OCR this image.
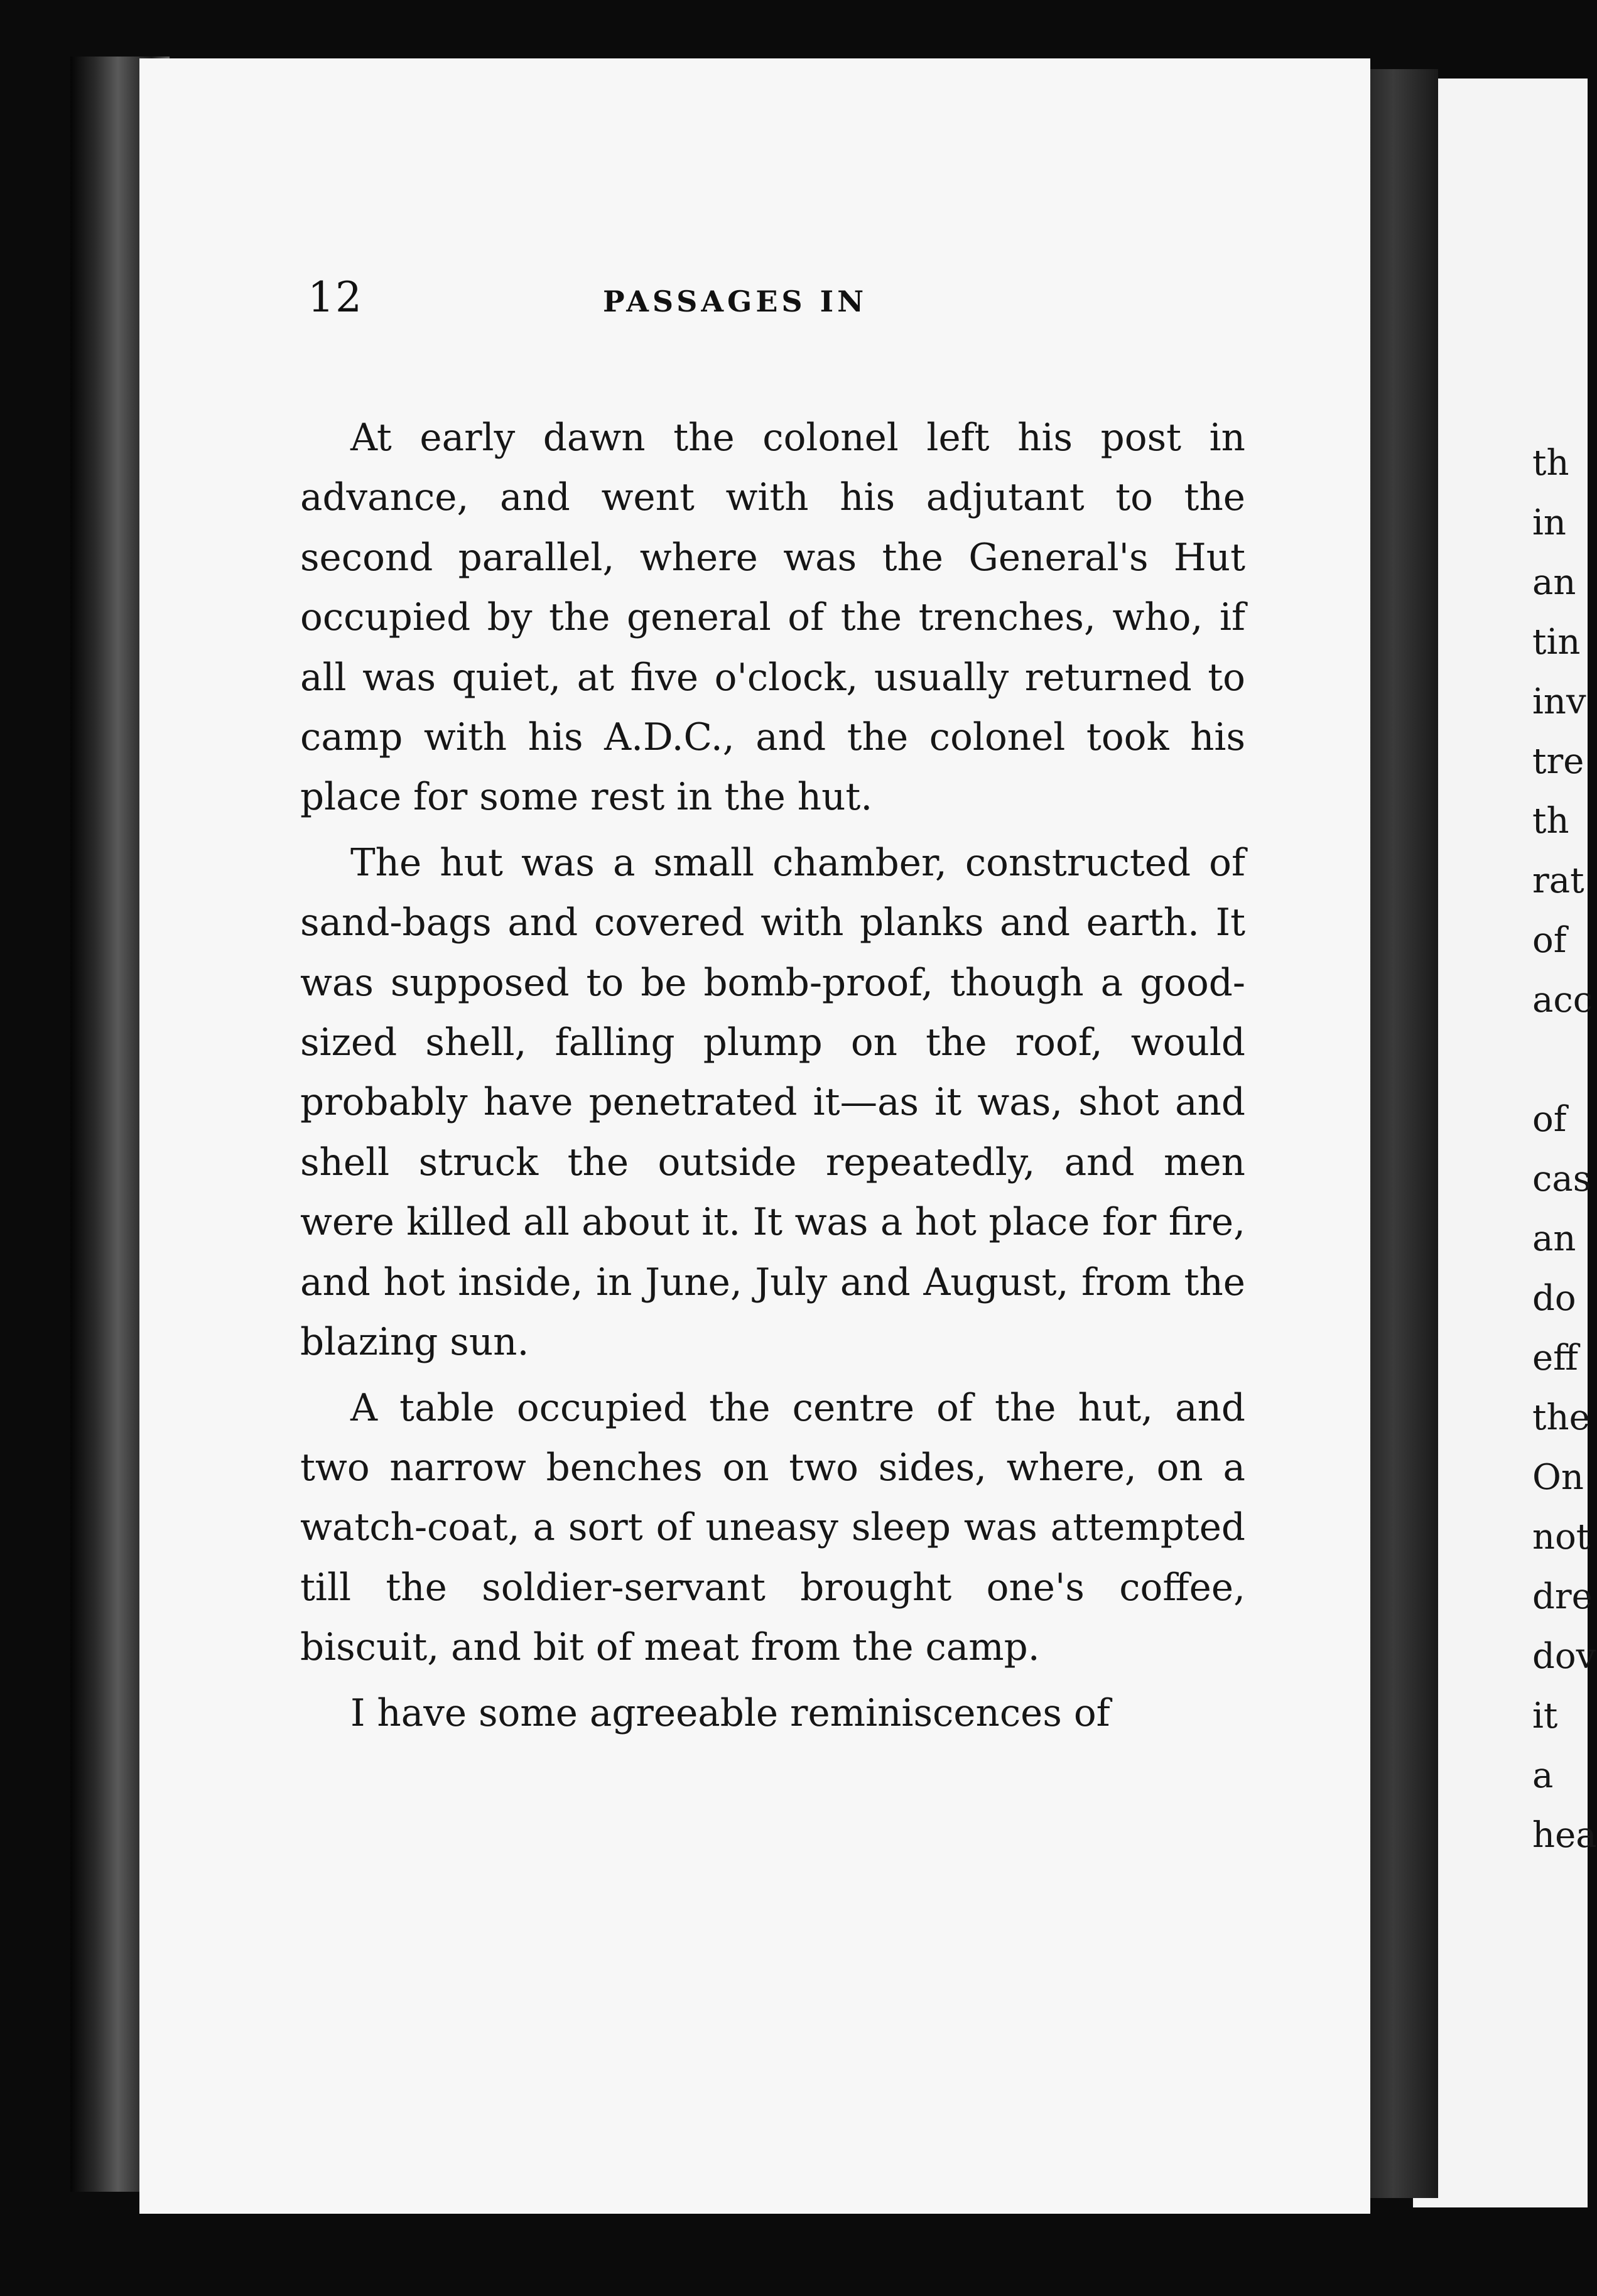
12	PASSAGES IN

At early dawn the colonel left his post in advance, and went with his adjutant to the second parallel, where was the General's Hut occupied by the general of the trenches, who, if all was quiet, at five o'clock, usually returned to camp with his A.D.C., and the colonel took his place for some rest in the hut.

The hut was a small chamber, constructed of sand-bags and covered with planks and earth. It was supposed to be bomb-proof, though a good-sized shell, falling plump on the roof, would probably have penetrated it—as it was, shot and shell struck the outside repeatedly, and men were killed all about it. It was a hot place for fire, and hot inside, in June, July and August, from the blazing sun.

A table occupied the centre of the hut, and two narrow benches on two sides, where, on a watch-coat, a sort of uneasy sleep was attempted till the soldier-servant brought one's coffee, biscuit, and bit of meat from the camp.

I have some agreeable reminiscences of

th
in
an
tin
inv
tre
th
rat
of
acc
of
cas
an
do
eff
the
On
not
dre
dov
it
a
hea
